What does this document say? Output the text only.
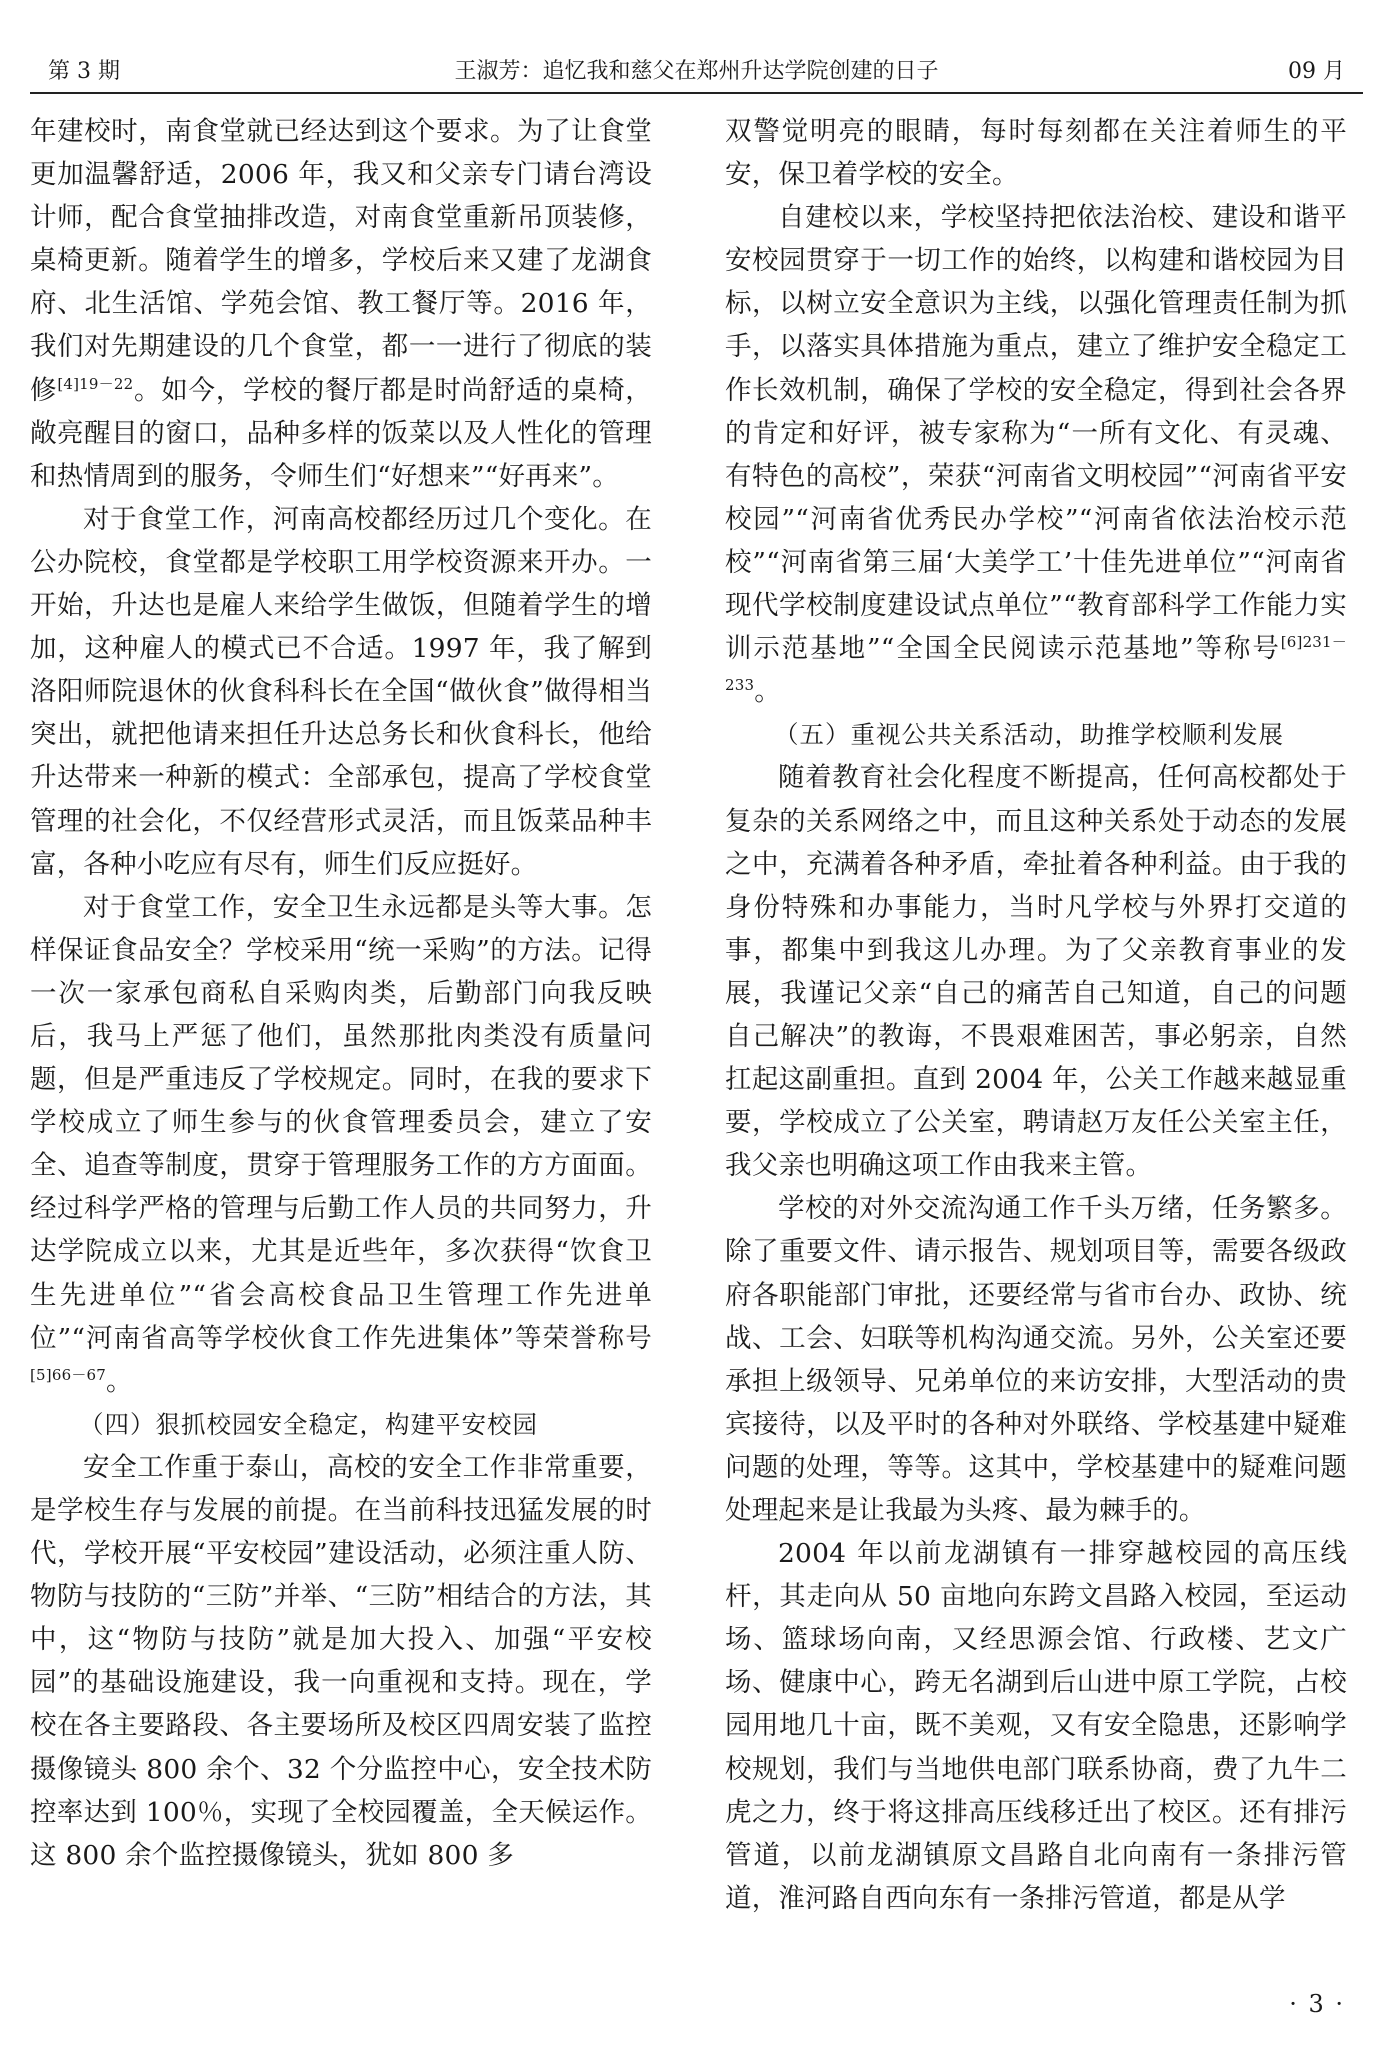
第 3 期	王淑芳：追忆我和慈父在郑州升达学院创建的日子	09 月

年建校时，南食堂就已经达到这个要求。为了让食堂更加温馨舒适，2006 年，我又和父亲专门请台湾设计师，配合食堂抽排改造，对南食堂重新吊顶装修，桌椅更新。随着学生的增多，学校后来又建了龙湖食府、北生活馆、学苑会馆、教工餐厅等。2016 年，我们对先期建设的几个食堂，都一一进行了彻底的装修$^{[4]19-22}$。如今，学校的餐厅都是时尚舒适的桌椅，敞亮醒目的窗口，品种多样的饭菜以及人性化的管理和热情周到的服务，令师生们“好想来”“好再来”。

对于食堂工作，河南高校都经历过几个变化。在公办院校，食堂都是学校职工用学校资源来开办。一开始，升达也是雇人来给学生做饭，但随着学生的增加，这种雇人的模式已不合适。1997 年，我了解到洛阳师院退休的伙食科科长在全国“做伙食”做得相当突出，就把他请来担任升达总务长和伙食科长，他给升达带来一种新的模式：全部承包，提高了学校食堂管理的社会化，不仅经营形式灵活，而且饭菜品种丰富，各种小吃应有尽有，师生们反应挺好。

对于食堂工作，安全卫生永远都是头等大事。怎样保证食品安全？学校采用“统一采购”的方法。记得一次一家承包商私自采购肉类，后勤部门向我反映后，我马上严惩了他们，虽然那批肉类没有质量问题，但是严重违反了学校规定。同时，在我的要求下学校成立了师生参与的伙食管理委员会，建立了安全、追查等制度，贯穿于管理服务工作的方方面面。经过科学严格的管理与后勤工作人员的共同努力，升达学院成立以来，尤其是近些年，多次获得“饮食卫生先进单位”“省会高校食品卫生管理工作先进单位”“河南省高等学校伙食工作先进集体”等荣誉称号$^{[5]66-67}$。

（四）狠抓校园安全稳定，构建平安校园

安全工作重于泰山，高校的安全工作非常重要，是学校生存与发展的前提。在当前科技迅猛发展的时代，学校开展“平安校园”建设活动，必须注重人防、物防与技防的“三防”并举、“三防”相结合的方法，其中，这“物防与技防”就是加大投入、加强“平安校园”的基础设施建设，我一向重视和支持。现在，学校在各主要路段、各主要场所及校区四周安装了监控摄像镜头 800 余个、32 个分监控中心，安全技术防控率达到 100％，实现了全校园覆盖，全天候运作。这 800 余个监控摄像镜头，犹如 800 多

双警觉明亮的眼睛，每时每刻都在关注着师生的平安，保卫着学校的安全。

自建校以来，学校坚持把依法治校、建设和谐平安校园贯穿于一切工作的始终，以构建和谐校园为目标，以树立安全意识为主线，以强化管理责任制为抓手，以落实具体措施为重点，建立了维护安全稳定工作长效机制，确保了学校的安全稳定，得到社会各界的肯定和好评，被专家称为“一所有文化、有灵魂、有特色的高校”，荣获“河南省文明校园”“河南省平安校园”“河南省优秀民办学校”“河南省依法治校示范校”“河南省第三届‘大美学工’十佳先进单位”“河南省现代学校制度建设试点单位”“教育部科学工作能力实训示范基地”“全国全民阅读示范基地”等称号$^{[6]231-233}$。

（五）重视公共关系活动，助推学校顺利发展

随着教育社会化程度不断提高，任何高校都处于复杂的关系网络之中，而且这种关系处于动态的发展之中，充满着各种矛盾，牵扯着各种利益。由于我的身份特殊和办事能力，当时凡学校与外界打交道的事，都集中到我这儿办理。为了父亲教育事业的发展，我谨记父亲“自己的痛苦自己知道，自己的问题自己解决”的教诲，不畏艰难困苦，事必躬亲，自然扛起这副重担。直到 2004 年，公关工作越来越显重要，学校成立了公关室，聘请赵万友任公关室主任，我父亲也明确这项工作由我来主管。

学校的对外交流沟通工作千头万绪，任务繁多。除了重要文件、请示报告、规划项目等，需要各级政府各职能部门审批，还要经常与省市台办、政协、统战、工会、妇联等机构沟通交流。另外，公关室还要承担上级领导、兄弟单位的来访安排，大型活动的贵宾接待，以及平时的各种对外联络、学校基建中疑难问题的处理，等等。这其中，学校基建中的疑难问题处理起来是让我最为头疼、最为棘手的。

2004 年以前龙湖镇有一排穿越校园的高压线杆，其走向从 50 亩地向东跨文昌路入校园，至运动场、篮球场向南，又经思源会馆、行政楼、艺文广场、健康中心，跨无名湖到后山进中原工学院，占校园用地几十亩，既不美观，又有安全隐患，还影响学校规划，我们与当地供电部门联系协商，费了九牛二虎之力，终于将这排高压线移迁出了校区。还有排污管道，以前龙湖镇原文昌路自北向南有一条排污管道，淮河路自西向东有一条排污管道，都是从学

· 3 ·
